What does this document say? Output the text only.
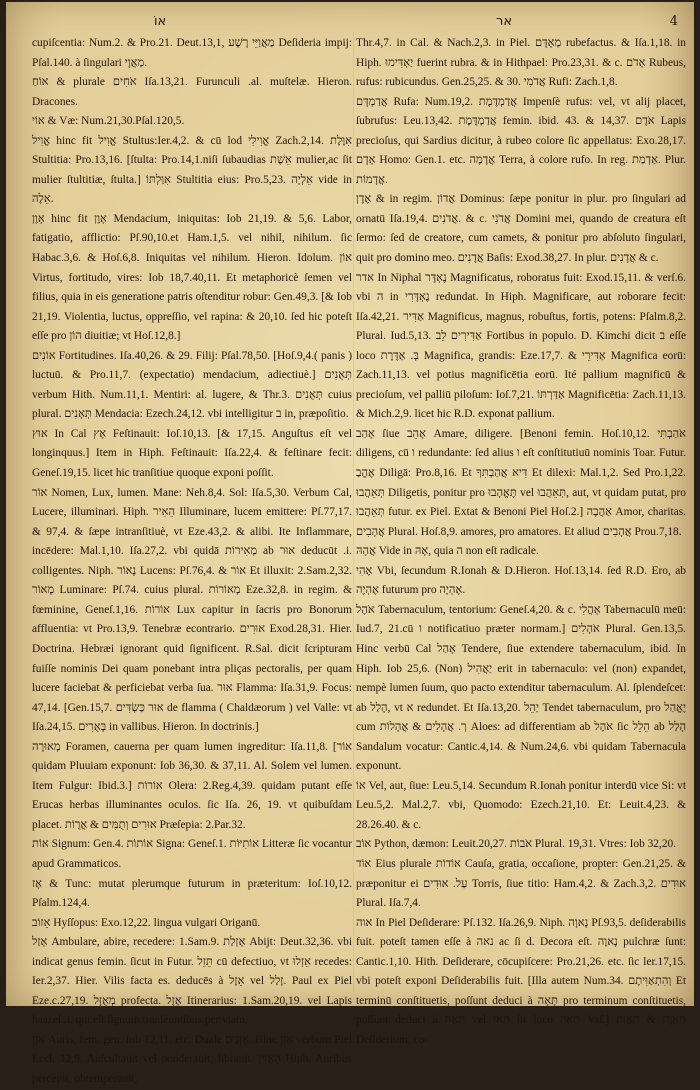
אוֹ	אר	4

cupiſcentia: Num.2. & Pro.21. Deut.13,1, מַאֲוַיֵּי רָשָׁע Deſideria impij: Pſal.140. à ſingulari מַאֲוָי.

אוֹחַ & plurale אֹחִים Iſa.13,21. Furunculi .al. muſtelæ. Hieron. Dracones.

אוֹי & Væ: Num.21,30.Pſal.120,5.

אֱוִיל hinc fit אֱוִיל Stultus:Ier.4,2. & cū lod אֱוִילִי Zach.2,14. אִוֶּלֶת Stultitia: Pro.13,16. [ſtulta: Pro.14,1.niſi ſubaudias אֵשֶׁת mulier,ac ſit mulier ſtultitiæ, ſtulta.] אִוַּלְתּוֹ Stultitia eius: Pro.5,23. אֵלְיָה vide in אֵלֶה.

אָוֶן hinc fit אָוֶן Mendacium, iniquitas: Iob 21,19. & 5,6. Labor, fatigatio, afflictio: Pſ.90,10.et Ham.1,5. vel nihil, nihilum. ſic Habac.3,6. & Hoſ.6,8. Iniquitas vel nihilum. Hieron. Idolum. אוֹן Virtus, fortitudo, vires: Iob 18,7.40,11. Et metaphoricè ſemen vel filius, quia in eis generatione patris oſtenditur robur: Gen.49,3. [& Iob 21,19. Violentia, luctus, oppreſſio, vel rapina: & 20,10. ſed hic poteſt eſſe pro הוֹן diuitiæ; vt Hoſ.12,8.]

אוֹנִים Fortitudines. Iſa.40,26. & 29. Filij: Pſal.78,50. [Hoſ.9,4.( panis ) luctuū. & Pro.11,7. (expectatio) mendacium, adiectiuè.] תְּאֻנִים verbum Hith. Num.11,1. Mentiri: al. lugere, & Thr.3. תְּאֻנִים cuius plural. תְּאָנִים Mendacia: Ezech.24,12. vbi intelligitur ב in, præpoſitio.

אוּץ In Cal אָץ Feſtinauit: Ioſ.10,13. [& 17,15. Anguſtus eſt vel longinquus.] Item in Hiph. Feſtinauit: Iſa.22,4. & feſtinare fecit: Geneſ.19,15. licet hic tranſitiue quoque exponi poſſit.

אוֹר Nomen, Lux, lumen. Mane: Neh.8,4. Sol: Iſa.5,30. Verbum Cal, Lucere, illuminari. Hiph. הֵאִיר Illuminare, lucem emittere: Pſ.77,17. & 97,4. & ſæpe intranſitiuè, vt Eze.43,2. & alibi. Ite Inflammare, incēdere: Mal.1,10. Iſa.27,2. vbi quidā מְאִירוֹת ab אוּר deducūt .i. colligentes. Niph. נָאוֹר Lucens: Pſ.76,4. & אוֹר Et illuxit: 2.Sam.2,32. מָאוֹר Luminare: Pſ.74. cuius plural. מְאוֹרוֹת Eze.32,8. in regim. & fœminine, Geneſ.1,16. אוֹרוֹת Lux capitur in ſacris pro Bonorum affluentia: vt Pro.13,9. Tenebræ econtrario. אוּרִים Exod.28,31. Hier. Doctrina. Hebræi ignorant quid ſignificent. R.Sal. dicit ſcripturam fuiſſe nominis Dei quam ponebant intra pliças pectoralis, per quam lucere faciebat & perficiebat verba ſua. אוּר Flamma: Iſa.31,9. Focus: 47,14. [Gen.15,7. אוּר כַּשְׂדִּים de flamma ( Chaldæorum ) vel Valle: vt Iſa.24,15. בָּאֻרִים in vallibus. Hieron. In doctrinis.]

מְאוּרָה Foramen, cauerna per quam lumen ingreditur: Iſa.11,8. [אוֹר quidam Pluuiam exponunt: Iob 36,30. & 37,11. Al. Solem vel lumen. Item Fulgur: Ibid.3.] אוֹרוֹת Olera: 2.Reg.4,39. quidam putant eſſe Erucas herbas illuminantes oculos. ſic Iſa. 26, 19. vt quibuſdam placet. אוּרִים וְתֻמִּים & אֲרֻוֹת Præſepia: 2.Par.32.

אוֹת Signum: Gen.4. אוֹתוֹת Signa: Geneſ.1. אוֹתִיּוֹת Litteræ ſic vocantur apud Grammaticos.

אָז & Tunc: mutat plerumque futurum in præteritum: Ioſ.10,12. Pſalm.124,4.

אֵזוֹב Hyſſopus: Exo.12,22. lingua vulgari Origanū.

אָזַל Ambulare, abire, recedere: 1.Sam.9. אָזְלַת Abijt: Deut.32,36. vbi indicat genus femin. ſicut in Futur. תֵּזֵל cū defectiuo, vt אֵזְלוּ recedes: Ier.2,37. Hier. Vilis facta es. deducēs à אֵזֶל vel זָלַל. Paul ex Piel Eze.c.27,19. מְאֻזָּל profecta. אֶזֶל Itinerarius: 1.Sam.20,19. vel Lapis haazel .i. qui eſt ſignum tranſeuntibus per viam.

אֹזֶן Auris, fem. gen. Iob 12,11. etc. Duale אָזְנַיִם. Hinc אִזֵּן verbum Piel Eccl. 12,9. Auſcultauit vel ponderauit, librauit. הֶאֱזִין Hiph. Auribus percepit, obtemperauit,

Thr.4,7. in Cal. & Nach.2,3. in Piel. מְאָדָּם rubefactus. & Iſa.1,18. in Hiph. יַאְדִּימוּ fuerint rubra. & in Hithpael: Pro.23,31. & c. אָדֹם Rubeus, rufus: rubicundus. Gen.25,25. & 30. אֲדֹמִי Rufi: Zach.1,8.

אֲדַמְדָּם Rufa: Num.19,2. אֲדַמְדֶּמֶת Impenſè rufus: vel, vt alij placet, ſubrufus: Leu.13,42. אֲדַמְדֶּמֶת femin. ibid. 43. & 14,37. אֹדֶם Lapis precioſus, qui Sardius dicitur, à rubeo colore ſic appellatus: Exo.28,17. אָדָם Homo: Gen.1. etc. אֲדָמָה Terra, à colore rufo. In reg. אַדְמַת. Plur. אֲדָמוֹת.

אֶדֶן & in regim. אֲדוֹן Dominus: ſæpe ponitur in plur. pro ſingulari ad ornatū Iſa.19,4. אֲדֹנִים. & c. אֲדֹנִי Domini mei, quando de creatura eſt ſermo: ſed de creatore, cum camets, & ponitur pro abſoluto ſingulari, quit pro domino meo. אֲדָנִים Baſis: Exod.38,27. In plur. אֲדָנִים & c.

אדר In Niphal נֶאְדָּר Magnificatus, roboratus fuit: Exod.15,11. & verſ.6. vbi ה in נֶאְדָּרִי redundat. In Hiph. Magnificare, aut roborare fecit: Iſa.42,21. אַדִּיר Magnificus, magnus, robuſtus, fortis, potens: Pſalm.8,2. Plural. Iud.5,13. אַדִּירִים לֵב Fortibus in populo. D. Kimchi dicit ב eſſe loco בְּ. אַדֶּרֶת Magnifica, grandis: Eze.17,7. & אַדִּירֵי Magnifica eorū: Zach.11,13. vel potius magnificētia eorū. Ité pallium magnificū & precioſum, vel palliū piloſum: Ioſ.7,21. אַדַּרְתּוֹ Magnificētia: Zach.11,13. & Mich.2,9. licet hic R.D. exponat pallium.

אָהַב ſiue אָהֵב Amare, diligere. [Benoni femin. Hoſ.10,12. אֹהַבְתִּי diligens, cū ו redundante: ſed alius ו eſt conſtitutiuū nominis Toar. Futur. אֶהֱבַ Diligā: Pro.8,16. Et דִּיא אֲהַבְתִּךָ Et dilexi: Mal.1,2. Sed Pro.1,22. תְּאֵהֲבוּ Diligetis, ponitur pro תֶּאֱהָבוּ vel תְּאֵהֲבוּ, aut, vt quidam putat, pro תְּאֵהֲבוּ futur. ex Piel. Extat & Benoni Piel Hoſ.2.] אַהֲבָה Amor, charitas. אֲהָבִים Plural. Hoſ.8,9. amores, pro amatores. Et aliud אֲהָבִים Prou.7,18.

אֲהָהּ Vide in אָהּ, quia ה non eſt radicale.

אֶהִי Vbi, ſecundum R.Ionah & D.Hieron. Hoſ.13,14. ſed R.D. Ero, ab אֶהְיֶה futurum pro אֶהְיֶה.

אֹהֶל Tabernaculum, tentorium: Geneſ.4,20. & c. אָהֳלִי Tabernaculū meū: Iud.7, 21.cū ו notificatiuo præter normam.] אֹהָלִים Plural. Gen.13,5. Hinc verbū Cal אָהַל Tendere, ſiue extendere tabernaculum, ibid. In Hiph. Iob 25,6. (Non) יַאֲהִיל erit in tabernaculo: vel (non) expandet, nempè lumen ſuum, quo pacto extenditur tabernaculum. Al. ſplendeſcet: ab הָלַל, vt א redundet. Et Iſa.13,20. יַהֵל Tendet tabernaculum, pro יֶאֱהַל cum ך. אֲהָלִים & אֲהָלוֹת Aloes: ad differentiam ab אֹהֶל ſic הֵלֵל ab הָלַל Sandalum vocatur: Cantic.4,14. & Num.24,6. vbi quidam Tabernacula exponunt.

אוֹ Vel, aut, ſiue: Leu.5,14. Secundum R.Ionah ponitur interdū vice Si: vt Leu.5,2. Mal.2,7. vbi, Quomodo: Ezech.21,10. Et: Leuit.4,23. & 28.26.40. & c.

אוֹב Python, dæmon: Leuit.20,27. אֹבוֹת Plural. 19,31. Vtres: Iob 32,20.

אוֹד Eius plurale אוֹדוֹת Cauſa, gratia, occaſione, propter: Gen.21,25. & præponitur ei עַל. אוּדִים Torris, ſiue titio: Ham.4,2. & Zach.3,2. אוּדִים Plural. Iſa.7,4.

אוה In Piel Deſiderare: Pſ.132. Iſa.26,9. Niph. נָאוָה Pſ.93,5. deſiderabilis fuit. poteſt tamen eſſe à נאה ac ſi d. Decora eſt. נָאוֶה pulchræ ſunt: Cantic.1,10. Hith. Deſiderare, cōcupiſcere: Pro.21,26. etc. ſic ler.17,15. vbi poteſt exponi Deſiderabilis fuit. [Illa autem Num.34. וְהִתְאַוִּיתֶם Et terminū conſtituetis, poſſunt deduci à תָּאָה pro terminum conſtituetis, poſſunt deduci à תָּאָה vel תְּאוֹ ſit loco תָּאָה Vaſ.] תַּאֲוָה & תַּאֲוַת Deſiderium, co-
